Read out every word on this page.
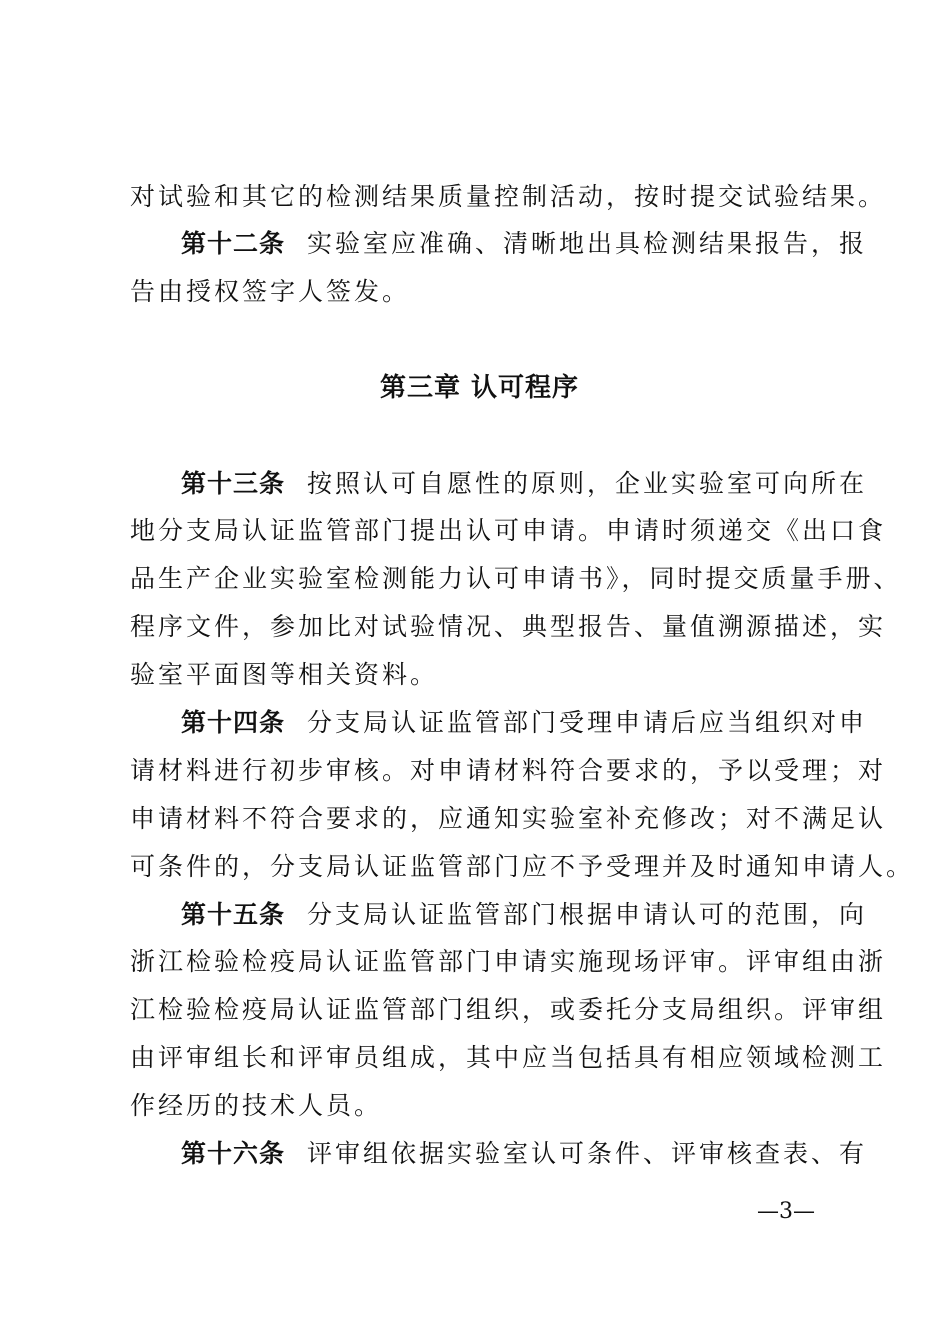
对试验和其它的检测结果质量控制活动，按时提交试验结果。
第十二条 实验室应准确、清晰地出具检测结果报告，报
告由授权签字人签发。
第三章 认可程序
第十三条 按照认可自愿性的原则，企业实验室可向所在
地分支局认证监管部门提出认可申请。申请时须递交《出口食
品生产企业实验室检测能力认可申请书》，同时提交质量手册、
程序文件，参加比对试验情况、典型报告、量值溯源描述，实
验室平面图等相关资料。
第十四条 分支局认证监管部门受理申请后应当组织对申
请材料进行初步审核。对申请材料符合要求的，予以受理；对
申请材料不符合要求的，应通知实验室补充修改；对不满足认
可条件的，分支局认证监管部门应不予受理并及时通知申请人。
第十五条 分支局认证监管部门根据申请认可的范围，向
浙江检验检疫局认证监管部门申请实施现场评审。评审组由浙
江检验检疫局认证监管部门组织，或委托分支局组织。评审组
由评审组长和评审员组成，其中应当包括具有相应领域检测工
作经历的技术人员。
第十六条 评审组依据实验室认可条件、评审核查表、有
—3—
